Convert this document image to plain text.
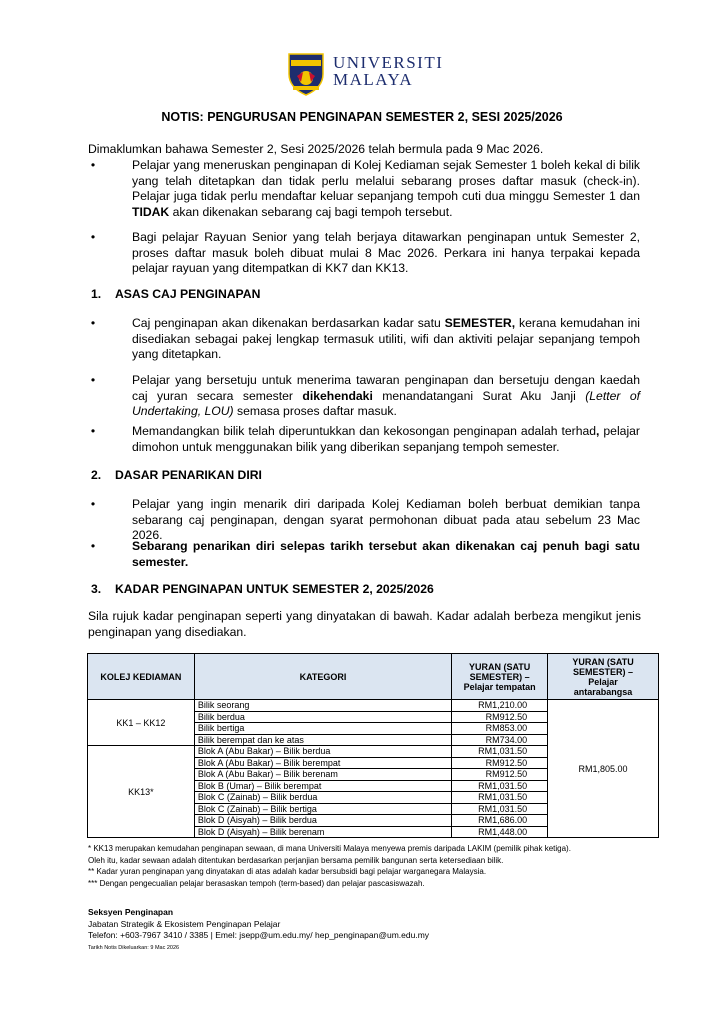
UNIVERSITI
MALAYA
NOTIS: PENGURUSAN PENGINAPAN SEMESTER 2, SESI 2025/2026
Dimaklumkan bahawa Semester 2, Sesi 2025/2026 telah bermula pada 9 Mac 2026.
•	Pelajar yang meneruskan penginapan di Kolej Kediaman sejak Semester 1 boleh kekal di bilik yang telah ditetapkan dan tidak perlu melalui sebarang proses daftar masuk (check-in). Pelajar juga tidak perlu mendaftar keluar sepanjang tempoh cuti dua minggu Semester 1 dan TIDAK akan dikenakan sebarang caj bagi tempoh tersebut.

•	Bagi pelajar Rayuan Senior yang telah berjaya ditawarkan penginapan untuk Semester 2, proses daftar masuk boleh dibuat mulai 8 Mac 2026. Perkara ini hanya terpakai kepada pelajar rayuan yang ditempatkan di KK7 dan KK13.

1. ASAS CAJ PENGINAPAN
•	Caj penginapan akan dikenakan berdasarkan kadar satu SEMESTER, kerana kemudahan ini disediakan sebagai pakej lengkap termasuk utiliti, wifi dan aktiviti pelajar sepanjang tempoh yang ditetapkan.

•	Pelajar yang bersetuju untuk menerima tawaran penginapan dan bersetuju dengan kaedah caj yuran secara semester dikehendaki menandatangani Surat Aku Janji (Letter of Undertaking, LOU) semasa proses daftar masuk.

•	Memandangkan bilik telah diperuntukkan dan kekosongan penginapan adalah terhad, pelajar dimohon untuk menggunakan bilik yang diberikan sepanjang tempoh semester.

2. DASAR PENARIKAN DIRI
•	Pelajar yang ingin menarik diri daripada Kolej Kediaman boleh berbuat demikian tanpa sebarang caj penginapan, dengan syarat permohonan dibuat pada atau sebelum 23 Mac 2026.

•	Sebarang penarikan diri selepas tarikh tersebut akan dikenakan caj penuh bagi satu semester.

3. KADAR PENGINAPAN UNTUK SEMESTER 2, 2025/2026

Sila rujuk kadar penginapan seperti yang dinyatakan di bawah. Kadar adalah berbeza mengikut jenis penginapan yang disediakan.

KOLEJ KEDIAMAN	KATEGORI	YURAN (SATU
SEMESTER) –
Pelajar tempatan	YURAN (SATU
SEMESTER) –
Pelajar
antarabangsa
KK1 – KK12	Bilik seorang	RM1,210.00	RM1,805.00
	Bilik berdua	RM912.50	
	Bilik bertiga	RM853.00	
	Bilik berempat dan ke atas	RM734.00	
KK13*	Blok A (Abu Bakar) – Bilik berdua	RM1,031.50	
	Blok A (Abu Bakar) – Bilik berempat	RM912.50	
	Blok A (Abu Bakar) – Bilik berenam	RM912.50	
	Blok B (Umar) – Bilik berempat	RM1,031.50	
	Blok C (Zainab) – Bilik berdua	RM1,031.50	
	Blok C (Zainab) – Bilik bertiga	RM1,031.50	
	Blok D (Aisyah) – Bilik berdua	RM1,686.00	
	Blok D (Aisyah) – Bilik berenam	RM1,448.00	
* KK13 merupakan kemudahan penginapan sewaan, di mana Universiti Malaya menyewa premis daripada LAKIM (pemilik pihak ketiga).
Oleh itu, kadar sewaan adalah ditentukan berdasarkan perjanjian bersama pemilik bangunan serta ketersediaan bilik.
** Kadar yuran penginapan yang dinyatakan di atas adalah kadar bersubsidi bagi pelajar warganegara Malaysia.
*** Dengan pengecualian pelajar berasaskan tempoh (term-based) dan pelajar pascasiswazah.
Seksyen Penginapan
Jabatan Strategik & Ekosistem Penginapan Pelajar
Telefon: +603-7967 3410 / 3385 | Emel: jsepp@um.edu.my/ hep_penginapan@um.edu.my
Tarikh Notis Dikeluarkan: 9 Mac 2026
